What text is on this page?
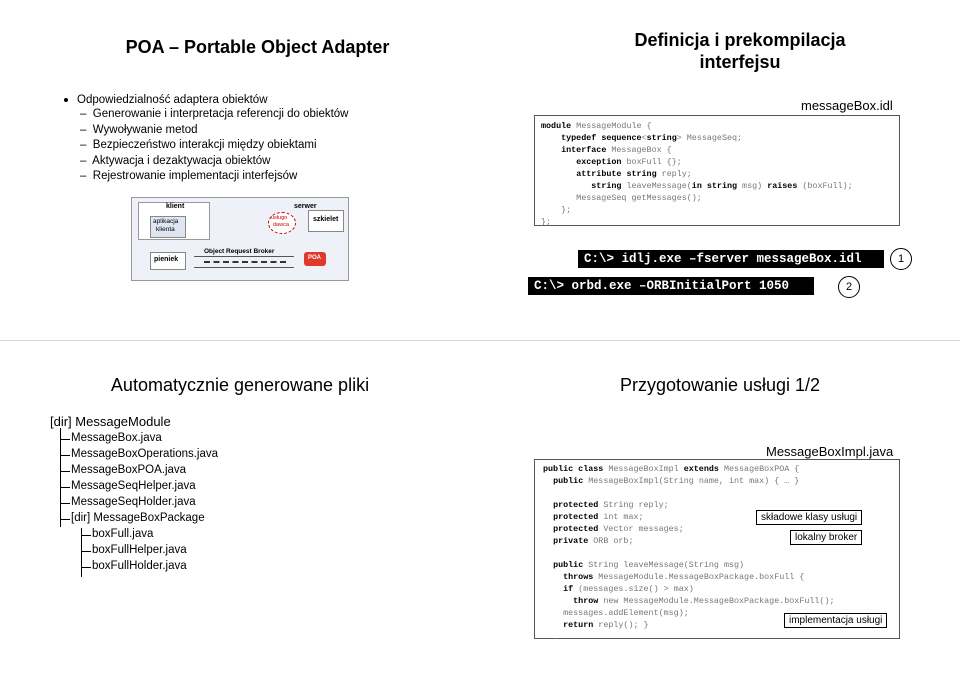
POA – Portable Object Adapter
Odpowiedzialność adaptera obiektów
–  Generowanie i interpretacja referencji do obiektów
–  Wywoływanie metod
–  Bezpieczeństwo interakcji między obiektami
–  Aktywacja i dezaktywacja obiektów
–  Rejestrowanie implementacji interfejsów
klient
aplikacja
klienta
serwer
usługo
dawca
szkielet
pieniek
Object Request Broker
POA
Definicja i prekompilacja
interfejsu
messageBox.idl
module MessageModule {
typedef sequence<string> MessageSeq;
interface MessageBox {
exception boxFull {};
attribute string reply;
string leaveMessage(in string msg) raises (boxFull);
MessageSeq getMessages();
};
};
C:\> idlj.exe –fserver messageBox.idl	1
C:\> orbd.exe –ORBInitialPort 1050	2
Automatycznie generowane pliki
[dir] MessageModule
MessageBox.java
MessageBoxOperations.java
MessageBoxPOA.java
MessageSeqHelper.java
MessageSeqHolder.java
[dir] MessageBoxPackage
boxFull.java
boxFullHelper.java
boxFullHolder.java
Przygotowanie usługi 1/2
MessageBoxImpl.java
public class MessageBoxImpl extends MessageBoxPOA {
public MessageBoxImpl(String name, int max) { … }

protected String reply;
protected int max;
protected Vector messages;
private ORB orb;

public String leaveMessage(String msg)
throws MessageModule.MessageBoxPackage.boxFull {
if (messages.size() > max)
throw new MessageModule.MessageBoxPackage.boxFull();
messages.addElement(msg);
return reply(); }
…
składowe klasy usługi
lokalny broker
implementacja usługi
